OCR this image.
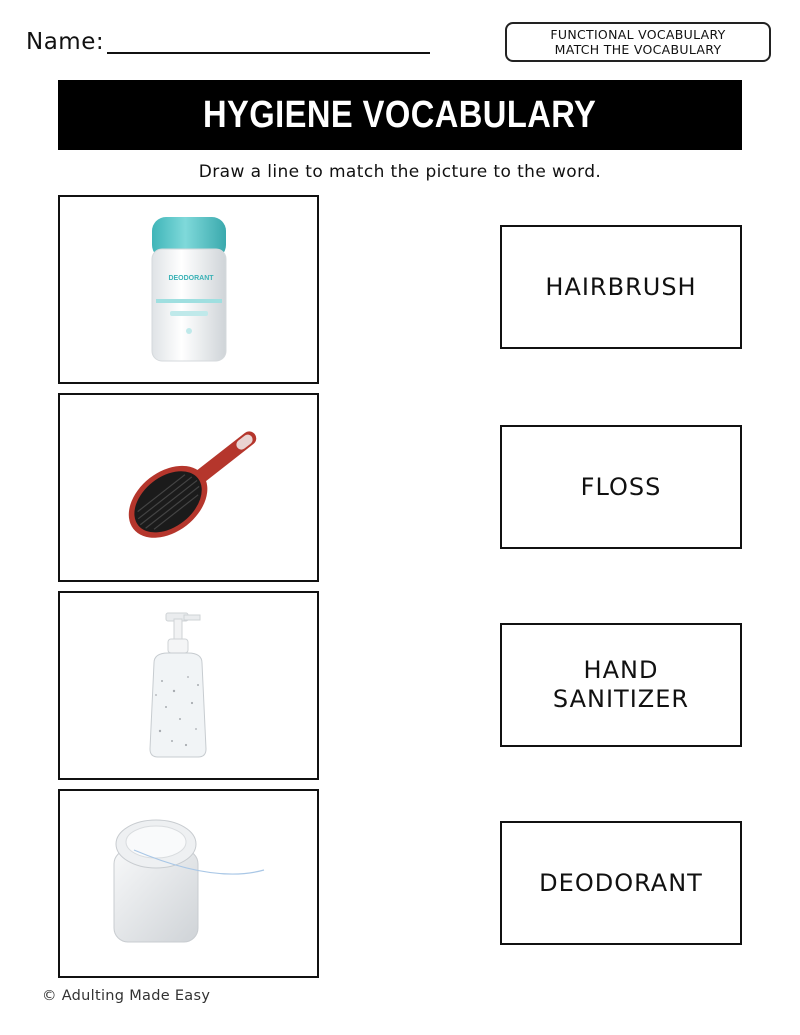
Name:	FUNCTIONAL VOCABULARY
MATCH THE VOCABULARY
HYGIENE VOCABULARY
Draw a line to match the picture to the word.
DEODORANT	HAIRBRUSH
FLOSS
HAND SANITIZER
DEODORANT
© Adulting Made Easy
